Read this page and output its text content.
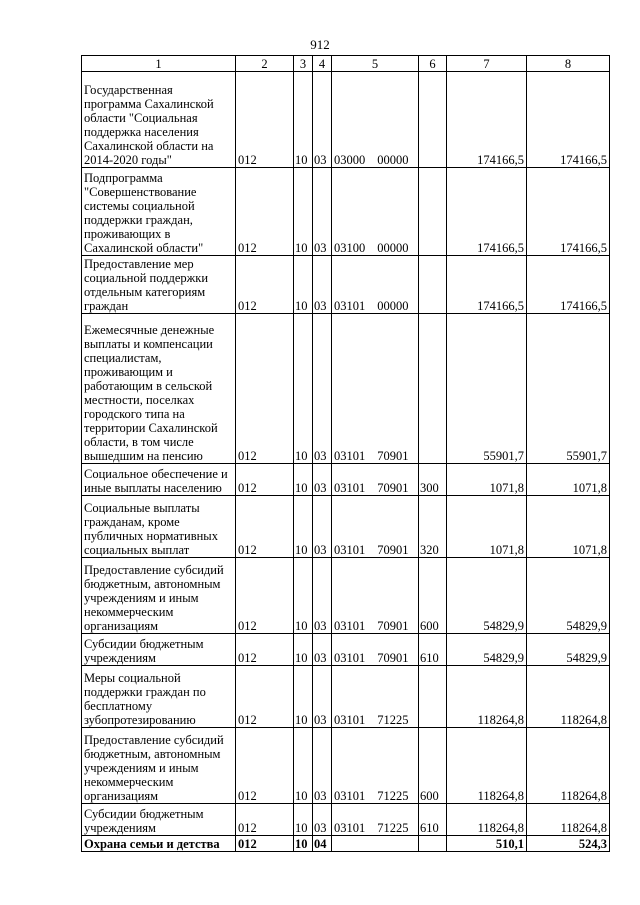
912
1	2	3	4	5	6	7	8
Государственная программа Сахалинской области "Социальная поддержка населения Сахалинской области на 2014-2020 годы"	012	10	03	03000 00000		174166,5	174166,5
Подпрограмма "Совершенствование системы социальной поддержки граждан, проживающих в Сахалинской области"	012	10	03	03100 00000		174166,5	174166,5
Предоставление мер социальной поддержки отдельным категориям граждан	012	10	03	03101 00000		174166,5	174166,5
Ежемесячные денежные выплаты и компенсации специалистам, проживающим и работающим в сельской местности, поселках городского типа на территории Сахалинской области, в том числе вышедшим на пенсию	012	10	03	03101 70901		55901,7	55901,7
Социальное обеспечение и иные выплаты населению	012	10	03	03101 70901	300	1071,8	1071,8
Социальные выплаты гражданам, кроме публичных нормативных социальных выплат	012	10	03	03101 70901	320	1071,8	1071,8
Предоставление субсидий бюджетным, автономным учреждениям и иным некоммерческим организациям	012	10	03	03101 70901	600	54829,9	54829,9
Субсидии бюджетным учреждениям	012	10	03	03101 70901	610	54829,9	54829,9
Меры социальной поддержки граждан по бесплатному зубопротезированию	012	10	03	03101 71225		118264,8	118264,8
Предоставление субсидий бюджетным, автономным учреждениям и иным некоммерческим организациям	012	10	03	03101 71225	600	118264,8	118264,8
Субсидии бюджетным учреждениям	012	10	03	03101 71225	610	118264,8	118264,8
Охрана семьи и детства	012	10	04			510,1	524,3
